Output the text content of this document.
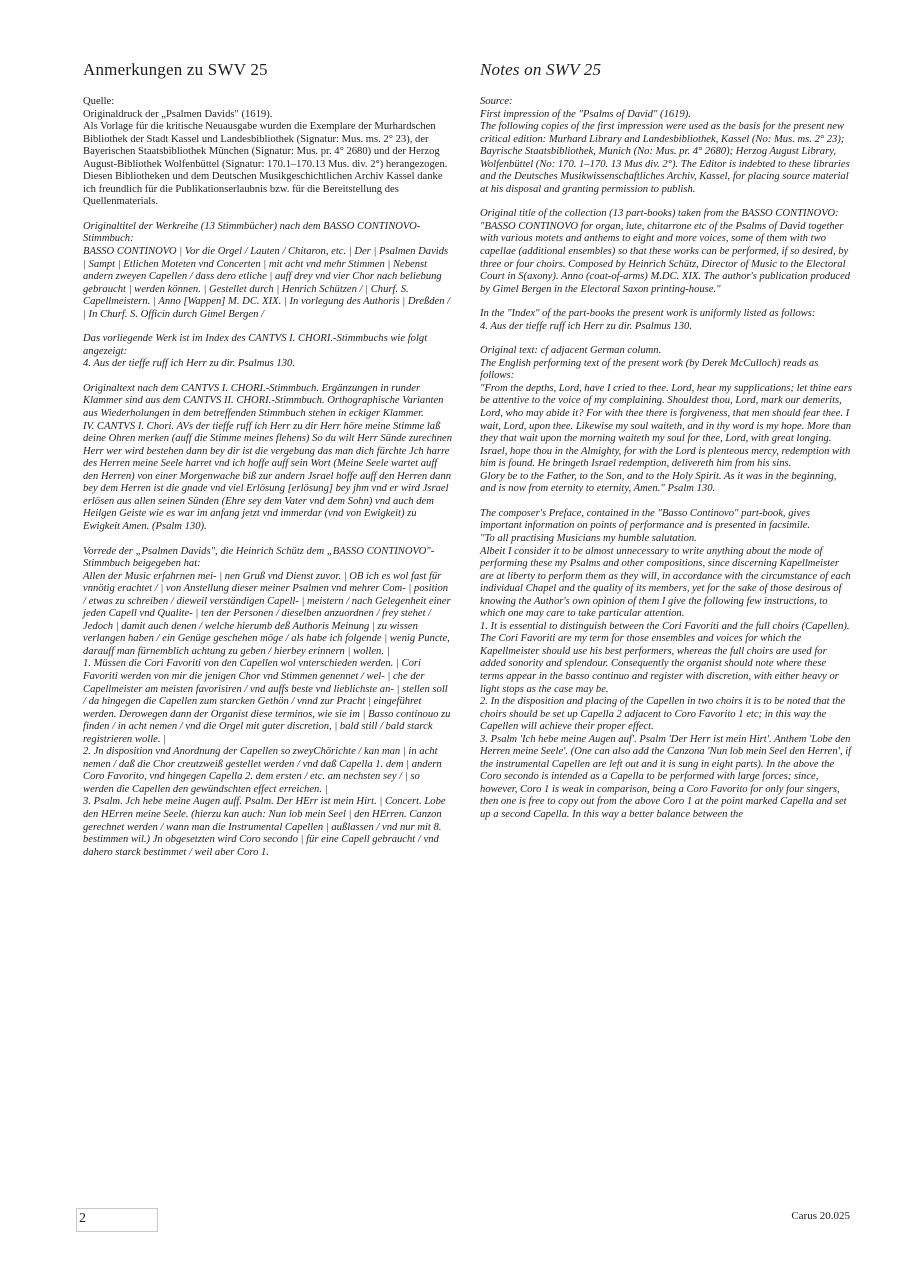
Anmerkungen zu SWV 25

Quelle:
Originaldruck der „Psalmen Davids" (1619).
Als Vorlage für die kritische Neuausgabe wurden die Exemplare der Murhardschen Bibliothek der Stadt Kassel und Landesbibliothek (Signatur: Mus. ms. 2° 23), der Bayerischen Staatsbibliothek München (Signatur: Mus. pr. 4° 2680) und der Herzog August-Bibliothek Wolfenbüttel (Signatur: 170.1–170.13 Mus. div. 2°) herangezogen. Diesen Bibliotheken und dem Deutschen Musikgeschichtlichen Archiv Kassel danke ich freundlich für die Publikationserlaubnis bzw. für die Bereitstellung des Quellenmaterials.

Originaltitel der Werkreihe (13 Stimmbücher) nach dem BASSO CONTINOVO-Stimmbuch:
BASSO CONTINOVO | Vor die Orgel / Lauten / Chitaron, etc. | Der | Psalmen Davids | Sampt | Etlichen Moteten vnd Concerten | mit acht vnd mehr Stimmen | Nebenst andern zweyen Capellen / dass dero etliche | auff drey vnd vier Chor nach beliebung gebraucht | werden können. | Gestellet durch | Henrich Schützen / | Churf. S. Capellmeistern. | Anno [Wappen] M. DC. XIX. | In vorlegung des Authoris | Dreßden / | In Churf. S. Officin durch Gimel Bergen /

Das vorliegende Werk ist im Index des CANTVS I. CHORI.-Stimmbuchs wie folgt angezeigt:
4. Aus der tieffe ruff ich Herr zu dir. Psalmus 130.

Originaltext nach dem CANTVS I. CHORI.-Stimmbuch. Ergänzungen in runder Klammer sind aus dem CANTVS II. CHORI.-Stimmbuch. Orthographische Varianten aus Wiederholungen in dem betreffenden Stimmbuch stehen in eckiger Klammer.
IV. CANTVS I. Chori. AVs der tieffe ruff ich Herr zu dir Herr höre meine Stimme laß deine Ohren merken (auff die Stimme meines flehens) So du wilt Herr Sünde zurechnen Herr wer wird bestehen dann bey dir ist die vergebung das man dich fürchte Jch harre des Herren meine Seele harret vnd ich hoffe auff sein Wort (Meine Seele wartet auff den Herren) von einer Morgenwache biß zur andern Jsrael hoffe auff den Herren dann bey dem Herren ist die gnade vnd viel Erlösung [erlösung] bey jhm vnd er wird Jsrael erlösen aus allen seinen Sünden (Ehre sey dem Vater vnd dem Sohn) vnd auch dem Heilgen Geiste wie es war im anfang jetzt vnd immerdar (vnd von Ewigkeit) zu Ewigkeit Amen. (Psalm 130).

Vorrede der „Psalmen Davids", die Heinrich Schütz dem „BASSO CONTINOVO"-Stimmbuch beigegeben hat:
Allen der Music erfahrnen mei- | nen Gruß vnd Dienst zuvor. | OB ich es wol fast für vnnötig erachtet / | von Anstellung dieser meiner Psalmen vnd mehrer Com- | position / etwas zu schreiben / dieweil verständigen Capell- | meistern / nach Gelegenheit einer jeden Capell vnd Qualite- | ten der Personen / dieselben anzuordnen / frey stehet / Jedoch | damit auch denen / welche hierumb deß Authoris Meinung | zu wissen verlangen haben / ein Genüge geschehen möge / als habe ich folgende | wenig Puncte, darauff man fürnemblich achtung zu geben / hierbey erinnern | wollen. |
1. Müssen die Cori Favoriti von den Capellen wol vnterschieden werden. | Cori Favoriti werden von mir die jenigen Chor vnd Stimmen genennet / wel- | che der Capellmeister am meisten favorisiren / vnd auffs beste vnd lieblichste an- | stellen soll / da hingegen die Capellen zum starcken Gethön / vnnd zur Pracht | eingeführet werden. Derowegen dann der Organist diese terminos, wie sie im | Basso continouo zu finden / in acht nemen / vnd die Orgel mit guter discretion, | bald still / bald starck registrieren wolle. |
2. Jn disposition vnd Anordnung der Capellen so zweyChörichte / kan man | in acht nemen / daß die Chor creutzweiß gestellet werden / vnd daß Capella 1. dem | andern Coro Favorito, vnd hingegen Capella 2. dem ersten / etc. am nechsten sey / | so werden die Capellen den gewündschten effect erreichen. |
3. Psalm. Jch hebe meine Augen auff. Psalm. Der HErr ist mein Hirt. | Concert. Lobe den HErren meine Seele. (hierzu kan auch: Nun lob mein Seel | den HErren. Canzon gerechnet werden / wann man die Instrumental Capellen | außlassen / vnd nur mit 8. bestimmen wil.) Jn obgesetzten wird Coro secondo | für eine Capell gebraucht / vnd dahero starck bestimmet / weil aber Coro 1.

Notes on SWV 25

Source:
First impression of the "Psalms of David" (1619).
The following copies of the first impression were used as the basis for the present new critical edition: Murhard Library and Landesbibliothek, Kassel (No: Mus. ms. 2° 23); Bayrische Staatsbibliothek, Munich (No: Mus. pr. 4° 2680); Herzog August Library, Wolfenbüttel (No: 170. 1–170. 13 Mus div. 2°). The Editor is indebted to these libraries and the Deutsches Musikwissenschaftliches Archiv, Kassel, for placing source material at his disposal and granting permission to publish.

Original title of the collection (13 part-books) taken from the BASSO CONTINOVO:
"BASSO CONTINOVO for organ, lute, chitarrone etc of the Psalms of David together with various motets and anthems to eight and more voices, some of them with two capellae (additional ensembles) so that these works can be performed, if so desired, by three or four choirs. Composed by Heinrich Schütz, Director of Music to the Electoral Court in S(axony). Anno (coat-of-arms) M.DC. XIX. The author's publication produced by Gimel Bergen in the Electoral Saxon printing-house."

In the "Index" of the part-books the present work is uniformly listed as follows:
4. Aus der tieffe ruff ich Herr zu dir. Psalmus 130.

Original text: cf adjacent German column.
The English performing text of the present work (by Derek McCulloch) reads as follows:
"From the depths, Lord, have I cried to thee. Lord, hear my supplications; let thine ears be attentive to the voice of my complaining. Shouldest thou, Lord, mark our demerits, Lord, who may abide it? For with thee there is forgiveness, that men should fear thee. I wait, Lord, upon thee. Likewise my soul waiteth, and in thy word is my hope. More than they that wait upon the morning waiteth my soul for thee, Lord, with great longing. Israel, hope thou in the Almighty, for with the Lord is plenteous mercy, redemption with him is found. He bringeth Israel redemption, delivereth him from his sins.
Glory be to the Father, to the Son, and to the Holy Spirit. As it was in the beginning, and is now from eternity to eternity, Amen." Psalm 130.

The composer's Preface, contained in the "Basso Continovo" part-book, gives important information on points of performance and is presented in facsimile.
"To all practising Musicians my humble salutation.
Albeit I consider it to be almost unnecessary to write anything about the mode of performing these my Psalms and other compositions, since discerning Kapellmeister are at liberty to perform them as they will, in accordance with the circumstance of each individual Chapel and the quality of its members, yet for the sake of those desirous of knowing the Author's own opinion of them I give the following few instructions, to which one may care to take particular attention.
1. It is essential to distinguish between the Cori Favoriti and the full choirs (Capellen). The Cori Favoriti are my term for those ensembles and voices for which the Kapellmeister should use his best performers, whereas the full choirs are used for added sonority and splendour. Consequently the organist should note where these terms appear in the basso continuo and register with discretion, with either heavy or light stops as the case may be.
2. In the disposition and placing of the Capellen in two choirs it is to be noted that the choirs should be set up Capella 2 adjacent to Coro Favorito 1 etc; in this way the Capellen will achieve their proper effect.
3. Psalm 'Ich hebe meine Augen auf'. Psalm 'Der Herr ist mein Hirt'. Anthem 'Lobe den Herren meine Seele'. (One can also add the Canzona 'Nun lob mein Seel den Herren', if the instrumental Capellen are left out and it is sung in eight parts). In the above the Coro secondo is intended as a Capella to be performed with large forces; since, however, Coro 1 is weak in comparison, being a Coro Favorito for only four singers, then one is free to copy out from the above Coro 1 at the point marked Capella and set up a second Capella. In this way a better balance between the

2	Carus 20.025
